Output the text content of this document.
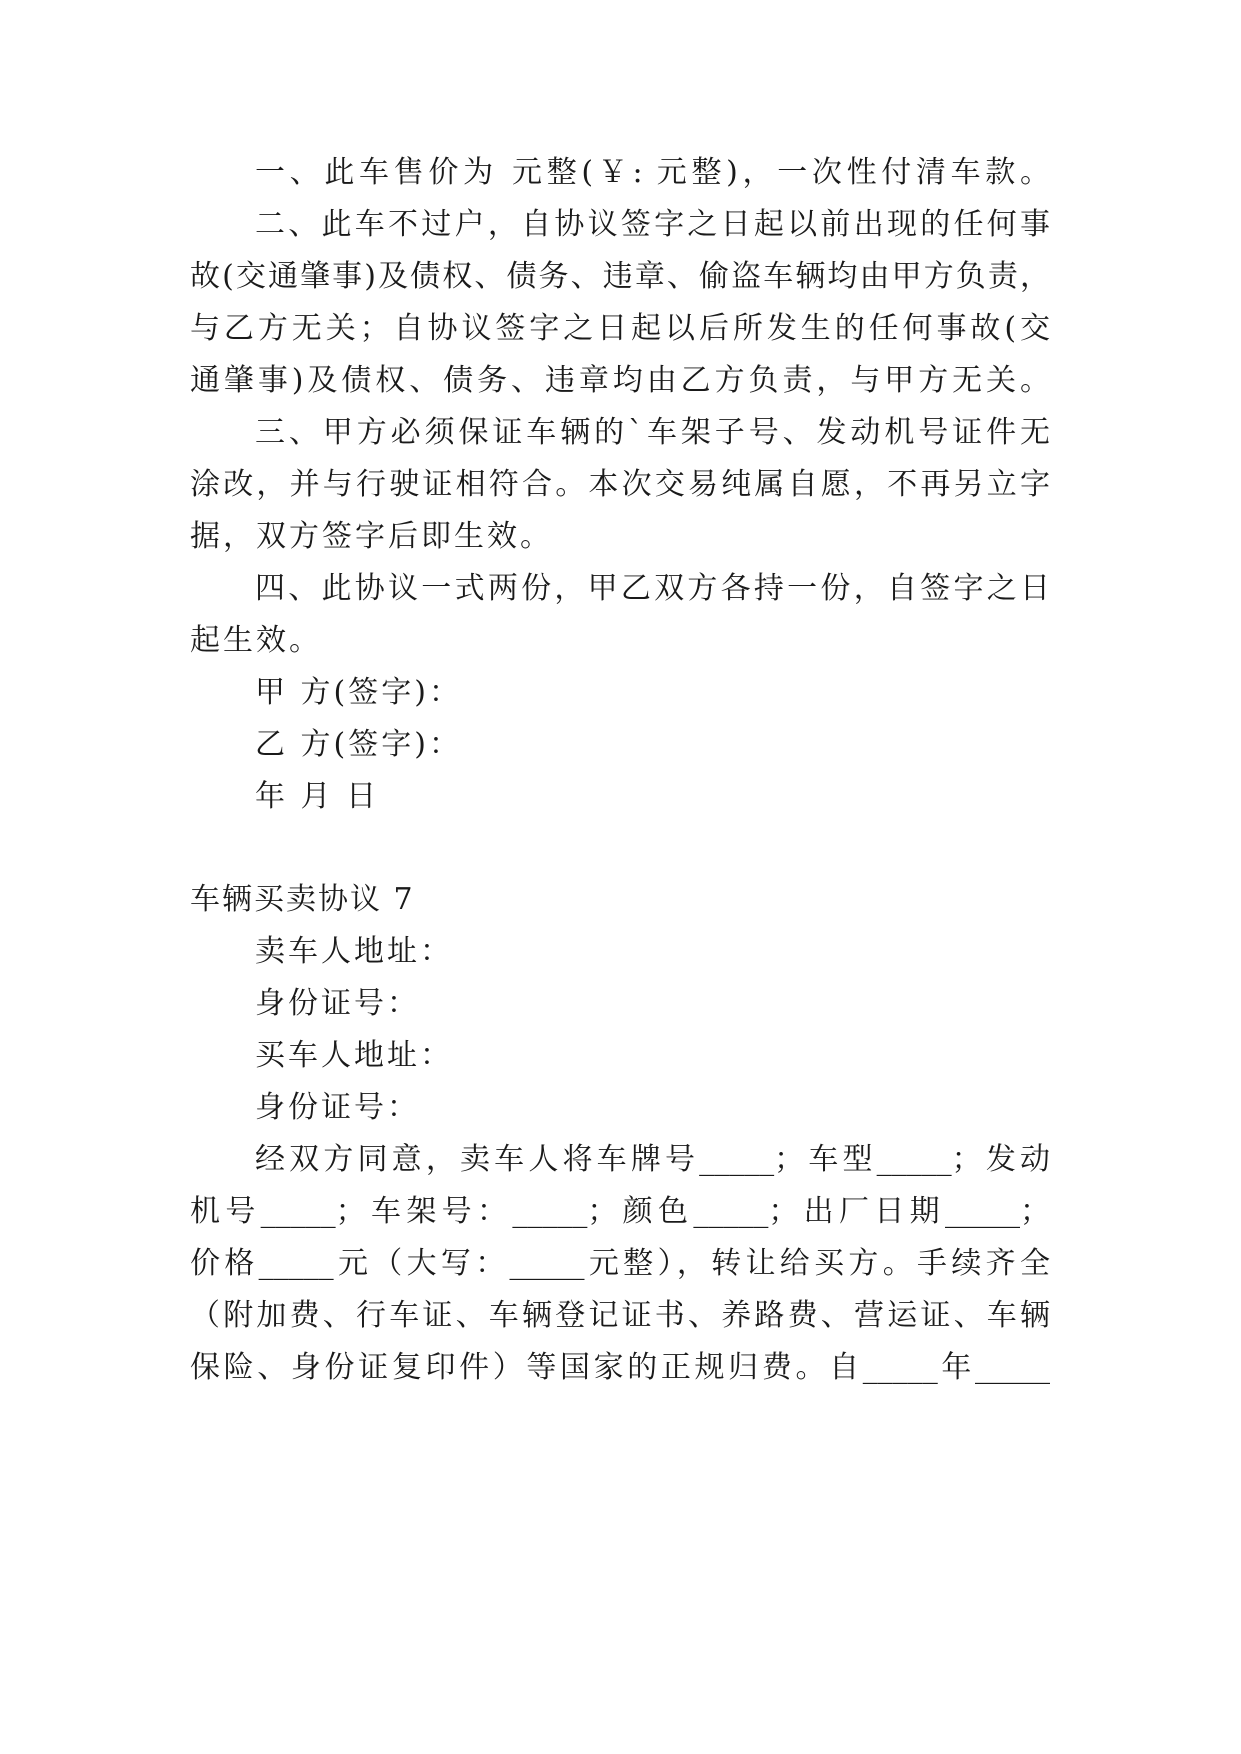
一、此车售价为 元整(￥: 元整)，一次性付清车款。
二、此车不过户，自协议签字之日起以前出现的任何事
故(交通肇事)及债权、债务、违章、偷盗车辆均由甲方负责，
与乙方无关；自协议签字之日起以后所发生的任何事故(交
通肇事)及债权、债务、违章均由乙方负责，与甲方无关。
三、甲方必须保证车辆的`车架子号、发动机号证件无
涂改，并与行驶证相符合。本次交易纯属自愿，不再另立字
据，双方签字后即生效。
四、此协议一式两份，甲乙双方各持一份，自签字之日
起生效。
甲 方(签字)：
乙 方(签字)：
年 月 日
车辆买卖协议 7
卖车人地址：
身份证号：
买车人地址：
身份证号：
经双方同意，卖车人将车牌号_____；车型_____；发动
机号_____；车架号：_____；颜色_____；出厂日期_____；
价格_____元（大写：_____元整），转让给买方。手续齐全
（附加费、行车证、车辆登记证书、养路费、营运证、车辆
保险、身份证复印件）等国家的正规归费。自_____年_____
